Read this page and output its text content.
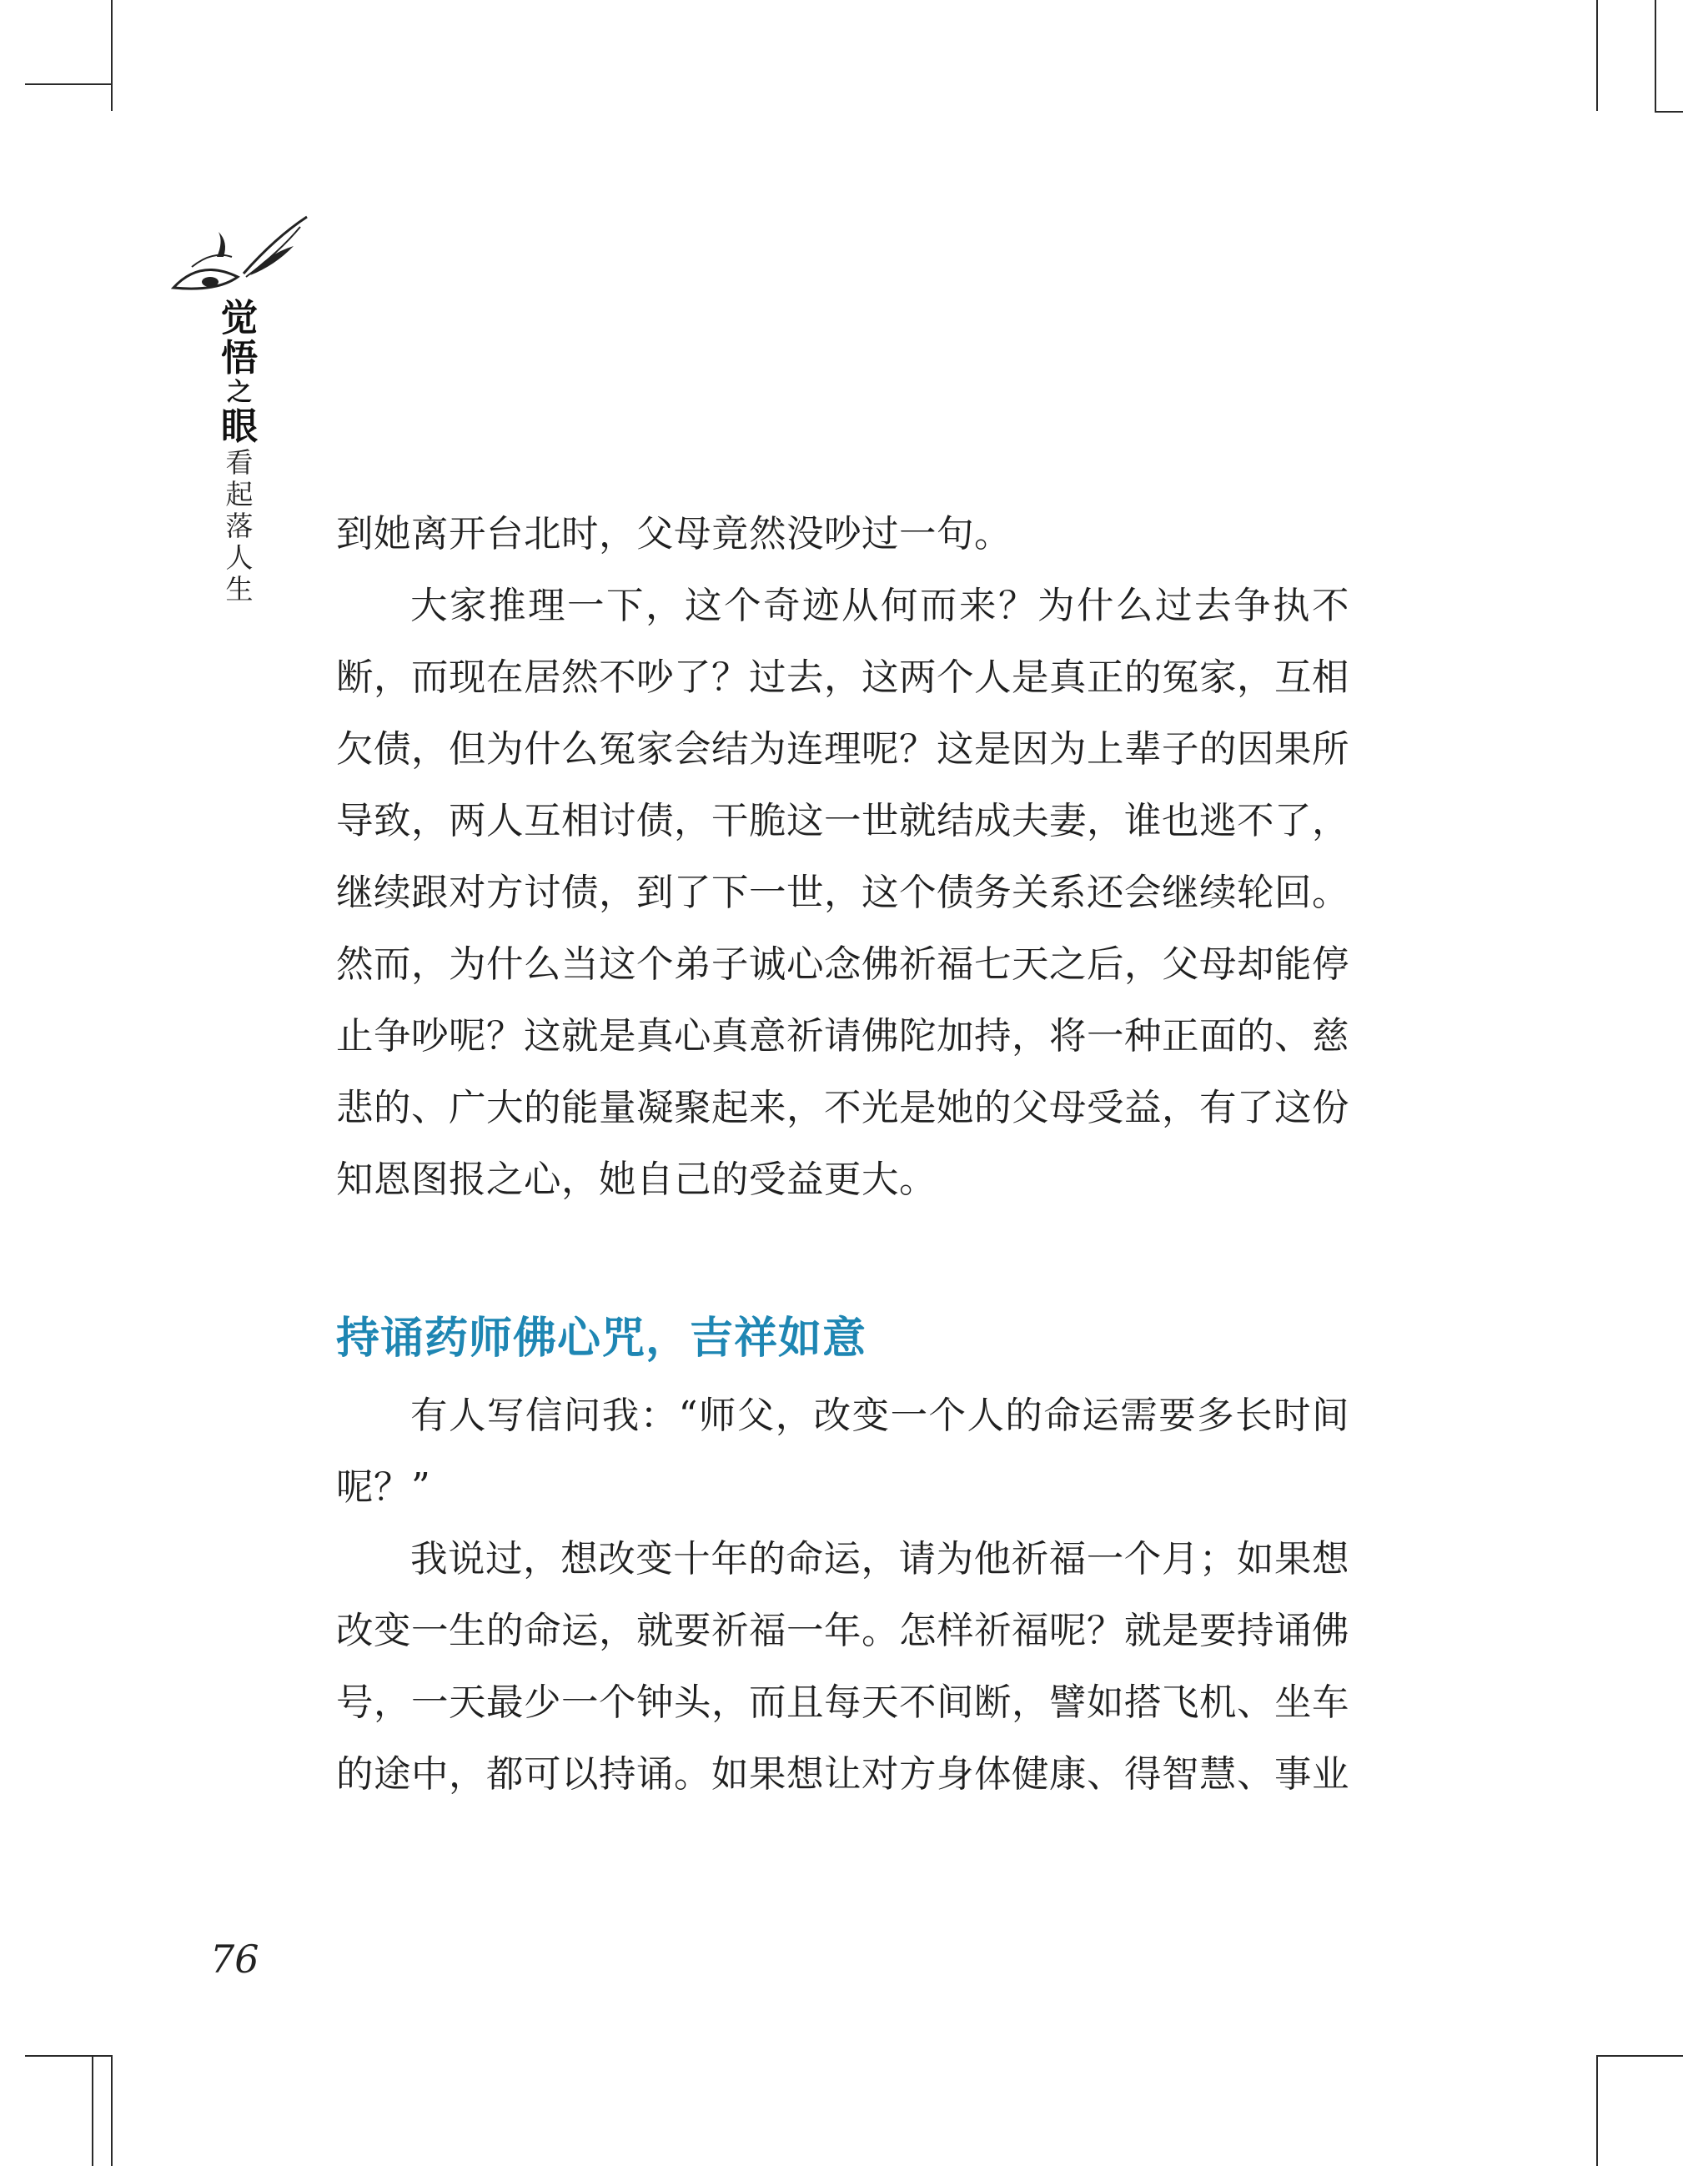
觉
悟
之
眼
看
起
落
人
生

到她离开台北时，父母竟然没吵过一句。

大家推理一下，这个奇迹从何而来？为什么过去争执不断，而现在居然不吵了？过去，这两个人是真正的冤家，互相欠债，但为什么冤家会结为连理呢？这是因为上辈子的因果所导致，两人互相讨债，干脆这一世就结成夫妻，谁也逃不了，继续跟对方讨债，到了下一世，这个债务关系还会继续轮回。然而，为什么当这个弟子诚心念佛祈福七天之后，父母却能停止争吵呢？这就是真心真意祈请佛陀加持，将一种正面的、慈悲的、广大的能量凝聚起来，不光是她的父母受益，有了这份知恩图报之心，她自己的受益更大。

持诵药师佛心咒，吉祥如意

有人写信问我：“师父，改变一个人的命运需要多长时间呢？”

我说过，想改变十年的命运，请为他祈福一个月；如果想改变一生的命运，就要祈福一年。怎样祈福呢？就是要持诵佛号，一天最少一个钟头，而且每天不间断，譬如搭飞机、坐车的途中，都可以持诵。如果想让对方身体健康、得智慧、事业

76
